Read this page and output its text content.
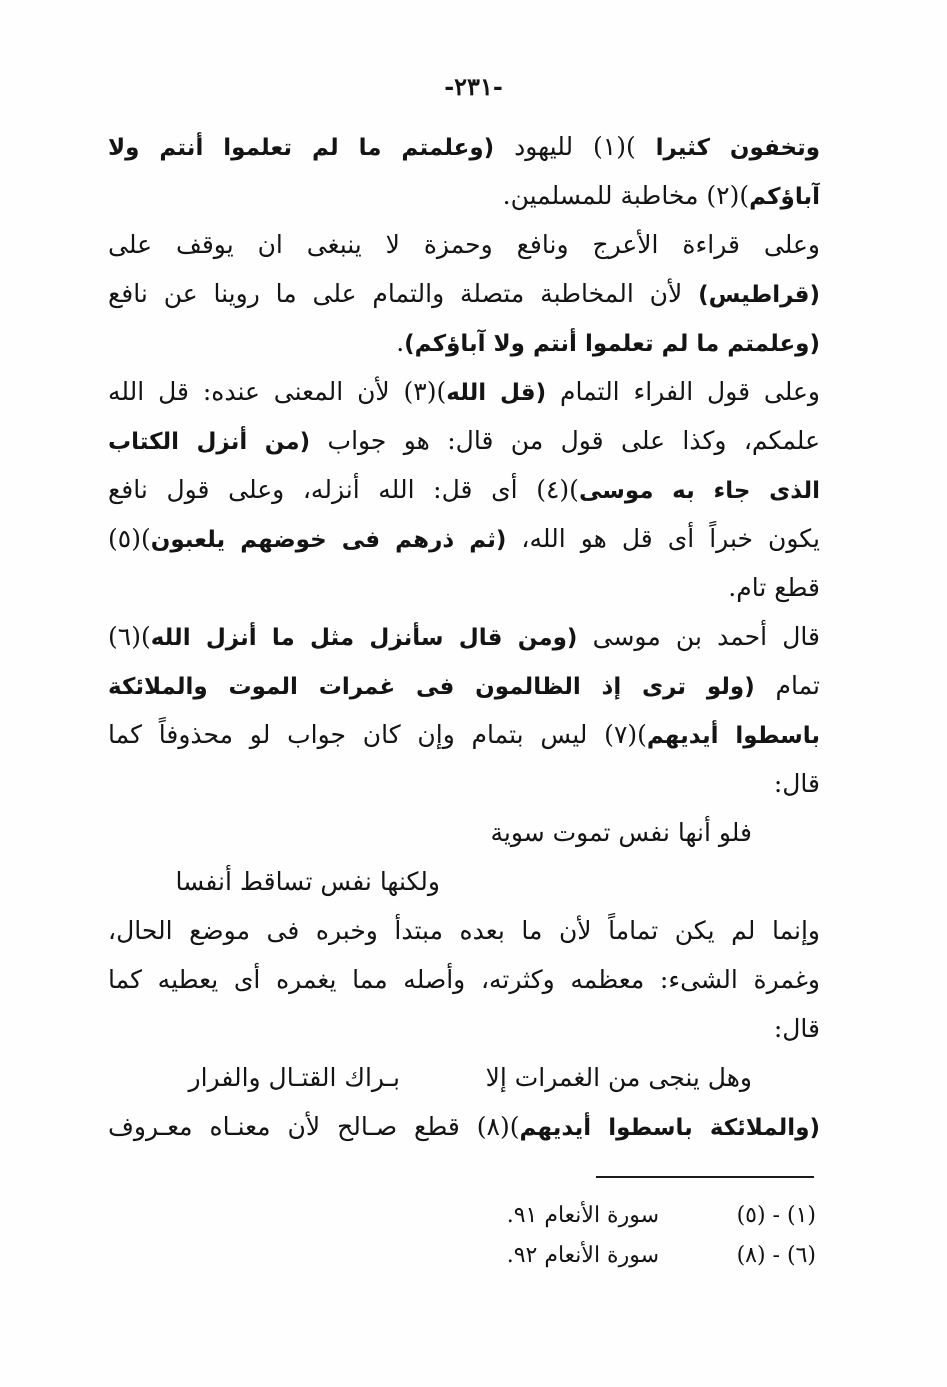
-٢٣١-
وتخفون كثيرا )(١) لليهود (وعلمتم ما لم تعلموا أنتم ولا
آباؤكم)(٢) مخاطبة للمسلمين.
وعلى قراءة الأعرج ونافع وحمزة لا ينبغى ان يوقف على
(قراطيس) لأن المخاطبة متصلة والتمام على ما روينا عن نافع
(وعلمتم ما لم تعلموا أنتم ولا آباؤكم).
وعلى قول الفراء التمام (قل الله)(٣) لأن المعنى عنده: قل الله
علمكم، وكذا على قول من قال: هو جواب (من أنزل الكتاب
الذى جاء به موسى)(٤) أى قل: الله أنزله، وعلى قول نافع
يكون خبراً أى قل هو الله، (ثم ذرهم فى خوضهم يلعبون)(٥)
قطع تام.
قال أحمد بن موسى (ومن قال سأنزل مثل ما أنزل الله)(٦)
تمام (ولو ترى إذ الظالمون فى غمرات الموت والملائكة
باسطوا أيديهم)(٧) ليس بتمام وإن كان جواب لو محذوفاً كما
قال:
فلو أنها نفس تموت سوية
ولكنها نفس تساقط أنفسا
وإنما لم يكن تماماً لأن ما بعده مبتدأ وخبره فى موضع الحال،
وغمرة الشىء: معظمه وكثرته، وأصله مما يغمره أى يعطيه كما
قال:
وهل ينجى من الغمرات إلا
بـراك القتـال والفرار
(والملائكة باسطوا أيديهم)(٨) قطع صـالح لأن معنـاه معـروف
(١) - (٥) سورة الأنعام ٩١.
(٦) - (٨) سورة الأنعام ٩٢.
